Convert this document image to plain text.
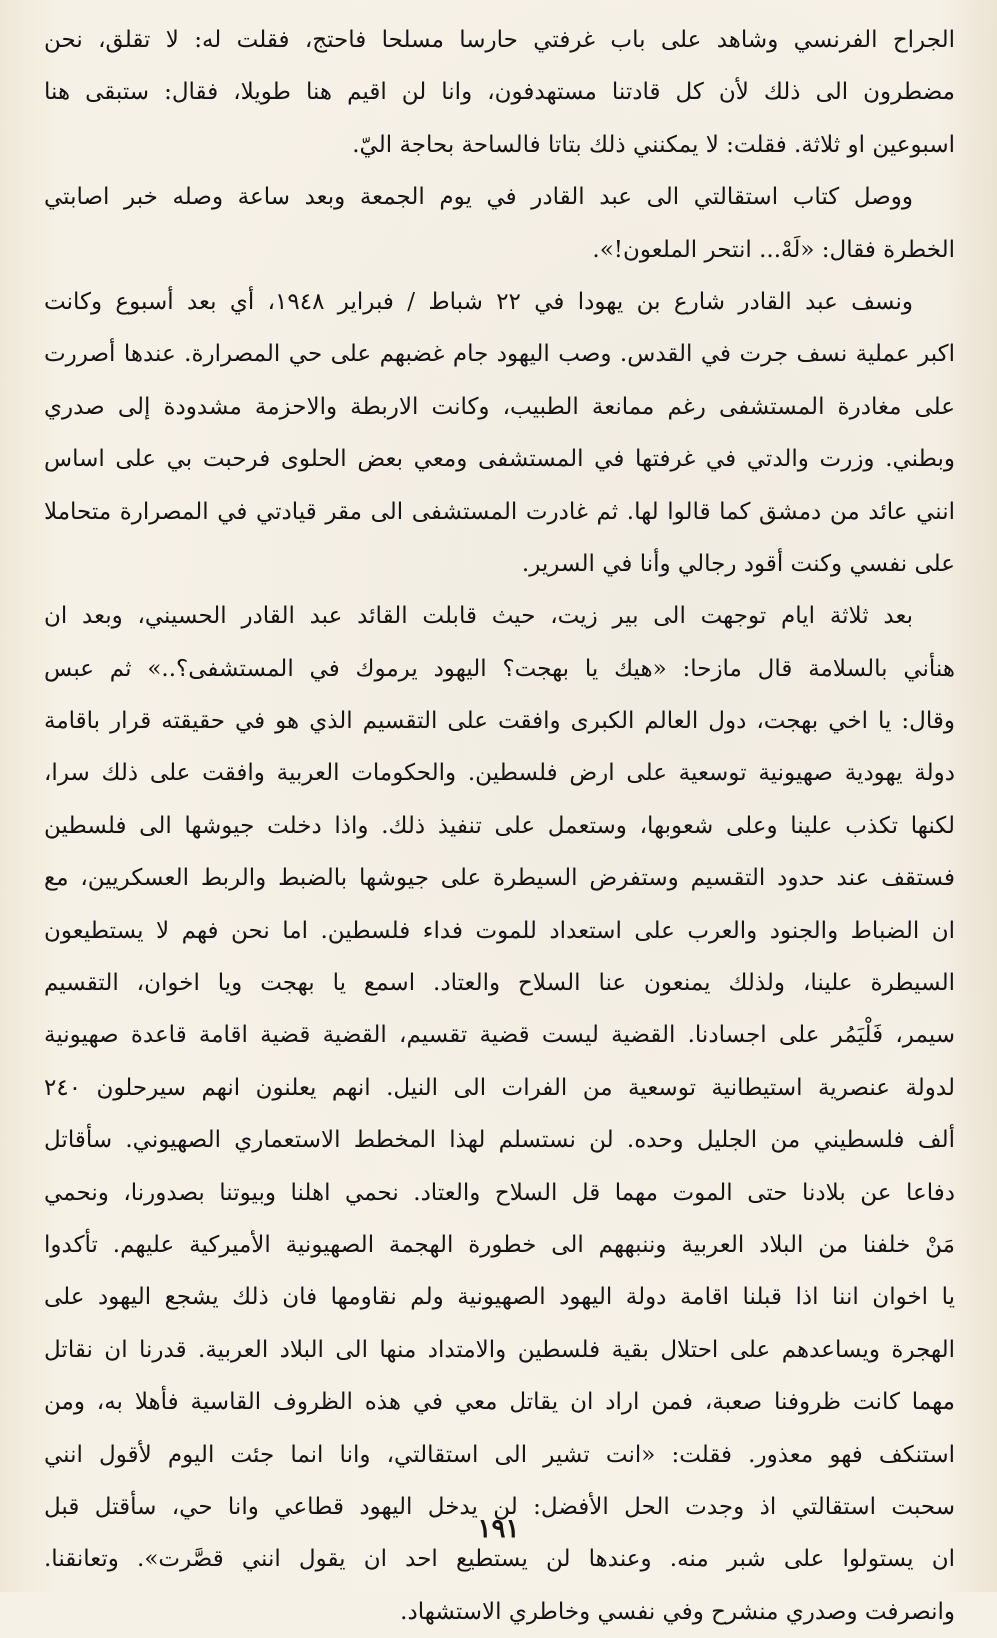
الجراح الفرنسي وشاهد على باب غرفتي حارسا مسلحا فاحتج، فقلت له: لا تقلق، نحن
مضطرون الى ذلك لأن كل قادتنا مستهدفون، وانا لن اقيم هنا طويلا، فقال: ستبقى هنا
اسبوعين او ثلاثة. فقلت: لا يمكنني ذلك بتاتا فالساحة بحاجة اليّ.
ووصل كتاب استقالتي الى عبد القادر في يوم الجمعة وبعد ساعة وصله خبر اصابتي
الخطرة فقال: «لَهْ... انتحر الملعون!».
ونسف عبد القادر شارع بن يهودا في ٢٢ شباط / فبراير ١٩٤٨، أي بعد أسبوع وكانت
اكبر عملية نسف جرت في القدس. وصب اليهود جام غضبهم على حي المصرارة. عندها أصررت
على مغادرة المستشفى رغم ممانعة الطبيب، وكانت الاربطة والاحزمة مشدودة إلى صدري
وبطني. وزرت والدتي في غرفتها في المستشفى ومعي بعض الحلوى فرحبت بي على اساس
انني عائد من دمشق كما قالوا لها. ثم غادرت المستشفى الى مقر قيادتي في المصرارة متحاملا
على نفسي وكنت أقود رجالي وأنا في السرير.
بعد ثلاثة ايام توجهت الى بير زيت، حيث قابلت القائد عبد القادر الحسيني، وبعد ان
هنأني بالسلامة قال مازحا: «هيك يا بهجت؟ اليهود يرموك في المستشفى؟..» ثم عبس
وقال: يا اخي بهجت، دول العالم الكبرى وافقت على التقسيم الذي هو في حقيقته قرار باقامة
دولة يهودية صهيونية توسعية على ارض فلسطين. والحكومات العربية وافقت على ذلك سرا،
لكنها تكذب علينا وعلى شعوبها، وستعمل على تنفيذ ذلك. واذا دخلت جيوشها الى فلسطين
فستقف عند حدود التقسيم وستفرض السيطرة على جيوشها بالضبط والربط العسكريين، مع
ان الضباط والجنود والعرب على استعداد للموت فداء فلسطين. اما نحن فهم لا يستطيعون
السيطرة علينا، ولذلك يمنعون عنا السلاح والعتاد. اسمع يا بهجت ويا اخوان، التقسيم
سيمر، فَلْيَمُر على اجسادنا. القضية ليست قضية تقسيم، القضية قضية اقامة قاعدة صهيونية
لدولة عنصرية استيطانية توسعية من الفرات الى النيل. انهم يعلنون انهم سيرحلون ٢٤٠
ألف فلسطيني من الجليل وحده. لن نستسلم لهذا المخطط الاستعماري الصهيوني. سأقاتل
دفاعا عن بلادنا حتى الموت مهما قل السلاح والعتاد. نحمي اهلنا وبيوتنا بصدورنا، ونحمي
مَنْ خلفنا من البلاد العربية وننبههم الى خطورة الهجمة الصهيونية الأميركية عليهم. تأكدوا
يا اخوان اننا اذا قبلنا اقامة دولة اليهود الصهيونية ولم نقاومها فان ذلك يشجع اليهود على
الهجرة ويساعدهم على احتلال بقية فلسطين والامتداد منها الى البلاد العربية. قدرنا ان نقاتل
مهما كانت ظروفنا صعبة، فمن اراد ان يقاتل معي في هذه الظروف القاسية فأهلا به، ومن
استنكف فهو معذور. فقلت: «انت تشير الى استقالتي، وانا انما جئت اليوم لأقول انني
سحبت استقالتي اذ وجدت الحل الأفضل: لن يدخل اليهود قطاعي وانا حي، سأقتل قبل
ان يستولوا على شبر منه. وعندها لن يستطيع احد ان يقول انني قصَّرت». وتعانقنا.
وانصرفت وصدري منشرح وفي نفسي وخاطري الاستشهاد.
١٩١
